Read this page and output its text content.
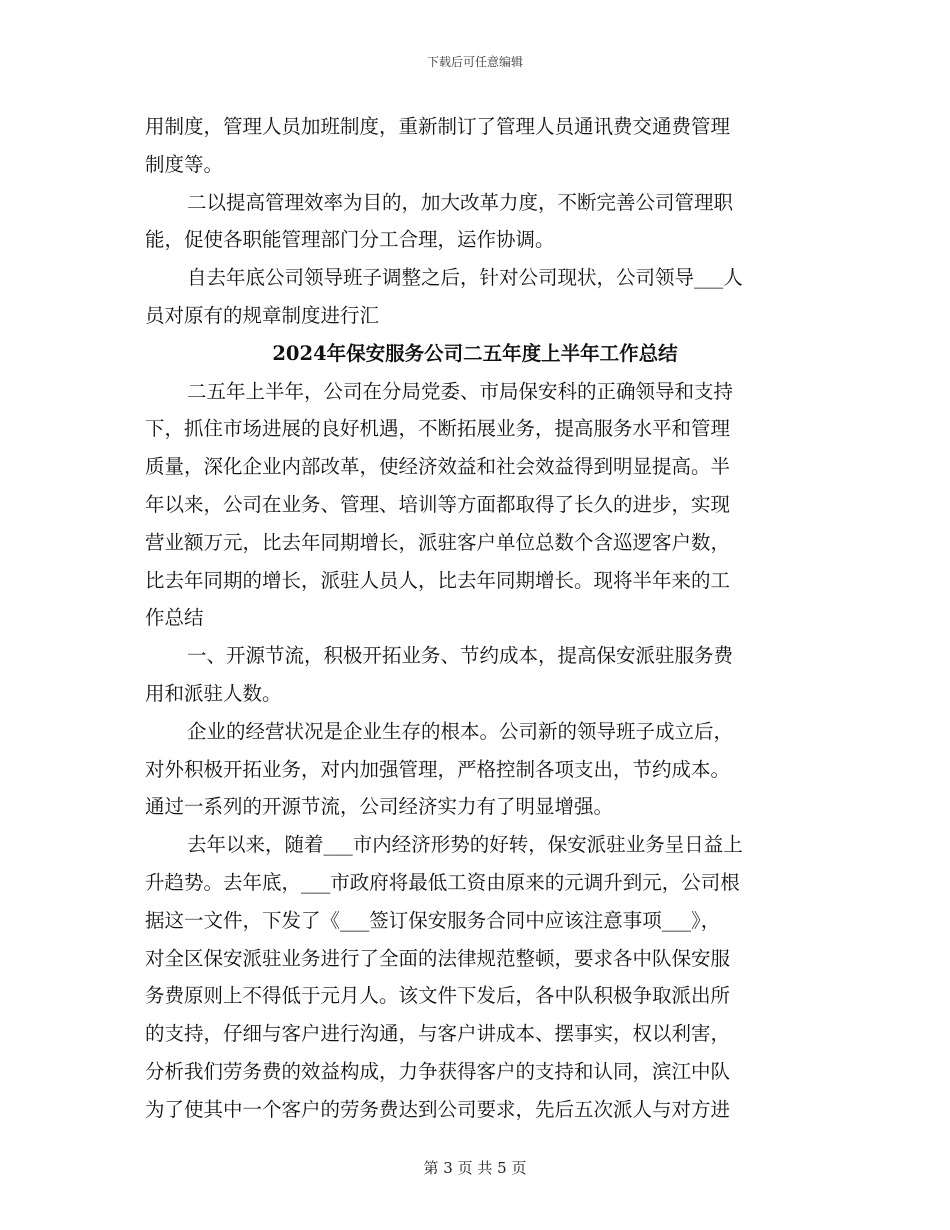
下载后可任意编辑
用制度，管理人员加班制度，重新制订了管理人员通讯费交通费管理
制度等。
二以提高管理效率为目的，加大改革力度，不断完善公司管理职
能，促使各职能管理部门分工合理，运作协调。
自去年底公司领导班子调整之后，针对公司现状，公司领导___人
员对原有的规章制度进行汇
2024年保安服务公司二五年度上半年工作总结
二五年上半年，公司在分局党委、市局保安科的正确领导和支持
下，抓住市场进展的良好机遇，不断拓展业务，提高服务水平和管理
质量，深化企业内部改革，使经济效益和社会效益得到明显提高。半
年以来，公司在业务、管理、培训等方面都取得了长久的进步，实现
营业额万元，比去年同期增长，派驻客户单位总数个含巡逻客户数，
比去年同期的增长，派驻人员人，比去年同期增长。现将半年来的工
作总结
一、开源节流，积极开拓业务、节约成本，提高保安派驻服务费
用和派驻人数。
企业的经营状况是企业生存的根本。公司新的领导班子成立后，
对外积极开拓业务，对内加强管理，严格控制各项支出，节约成本。
通过一系列的开源节流，公司经济实力有了明显增强。
去年以来，随着___市内经济形势的好转，保安派驻业务呈日益上
升趋势。去年底，___市政府将最低工资由原来的元调升到元，公司根
据这一文件，下发了《___签订保安服务合同中应该注意事项___》，
对全区保安派驻业务进行了全面的法律规范整顿，要求各中队保安服
务费原则上不得低于元月人。该文件下发后，各中队积极争取派出所
的支持，仔细与客户进行沟通，与客户讲成本、摆事实，权以利害，
分析我们劳务费的效益构成，力争获得客户的支持和认同，滨江中队
为了使其中一个客户的劳务费达到公司要求，先后五次派人与对方进
第 3 页 共 5 页
